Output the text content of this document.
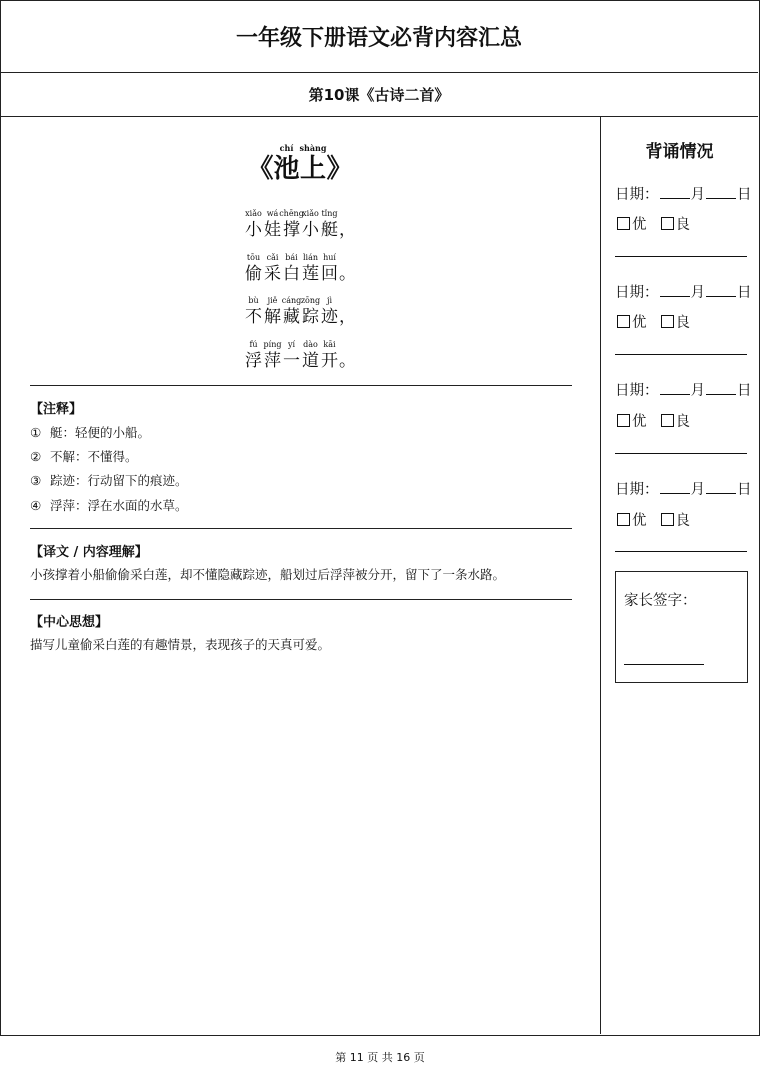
一年级下册语文必背内容汇总
第10课《古诗二首》
《
chí
池
shàng
上 》
xiǎo
小
wá
娃
chēng
撑
xiǎo
小
tǐng
艇 ，
tōu
偷
cǎi
采
bái
白
lián
莲
huí
回 。
bù
不
jiě
解
cáng
藏
zōng
踪
jì
迹 ，
fú
浮
píng
萍
yí
一
dào
道
kāi
开 。
【注释】
① 艇：轻便的小船。
② 不解：不懂得。
③ 踪迹：行动留下的痕迹。
④ 浮萍：浮在水面的水草。
【译文 / 内容理解】
小孩撑着小船偷偷采白莲，却不懂隐藏踪迹，船划过后浮萍被分开，留下了一条水路。
【中心思想】
描写儿童偷采白莲的有趣情景，表现孩子的天真可爱。
背诵情况
日期： 月 日
优 良
日期： 月 日
优 良
日期： 月 日
优 良
日期： 月 日
优 良
家长签字：
第 11 页 共 16 页
